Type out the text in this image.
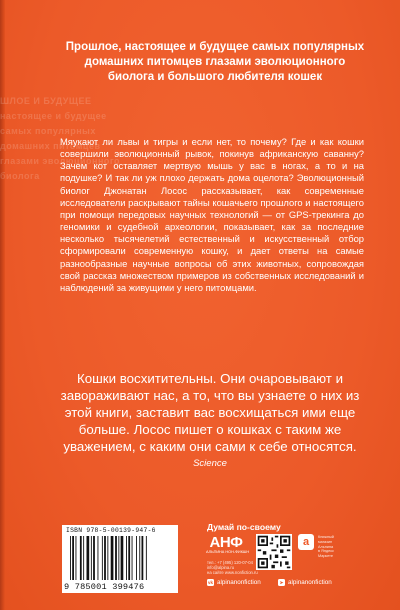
ШЛОЕ И БУДУЩЕЕ
настоящее и будущее
самых популярных
домашних питомцев
глазами эволюционного
биолога
Прошлое, настоящее и будущее самых популярных домашних питомцев глазами эволюционного биолога и большого любителя кошек

Мяукают ли львы и тигры и если нет, то почему? Где и как кошки совершили эволюционный рывок, покинув африканскую саванну? Зачем кот оставляет мертвую мышь у вас в ногах, а то и на подушке? И так ли уж плохо держать дома оцелота? Эволюционный биолог Джонатан Лосос рассказывает, как современные исследователи раскрывают тайны кошачьего прошлого и настоящего при помощи передовых научных технологий — от GPS-трекинга до геномики и судебной археологии, показывает, как за последние несколько тысячелетий естественный и искусственный отбор сформировали современную кошку, и дает ответы на самые разнообразные научные вопросы об этих животных, сопровождая свой рассказ множеством примеров из собственных исследований и наблюдений за живущими у него питомцами.

Кошки восхитительны. Они очаровывают и завораживают нас, а то, что вы узнаете о них из этой книги, заставит вас восхищаться ими еще больше. Лосос пишет о кошках с таким же уважением, с каким они сами к себе относятся.
Science
ISBN 978-5-00139-947-6
9 785001 399476
Думай по-своему
АНФ
АЛЬПИНА НОН-ФИКШН
тел.: +7 (495) 120-07-04
info@alpina.ru
на сайте www.nonfiction.ru
a	Книжный
магазин
Альпина
в Яндекс
Маркете
vk alpinanonfiction	➤ alpinanonfiction
